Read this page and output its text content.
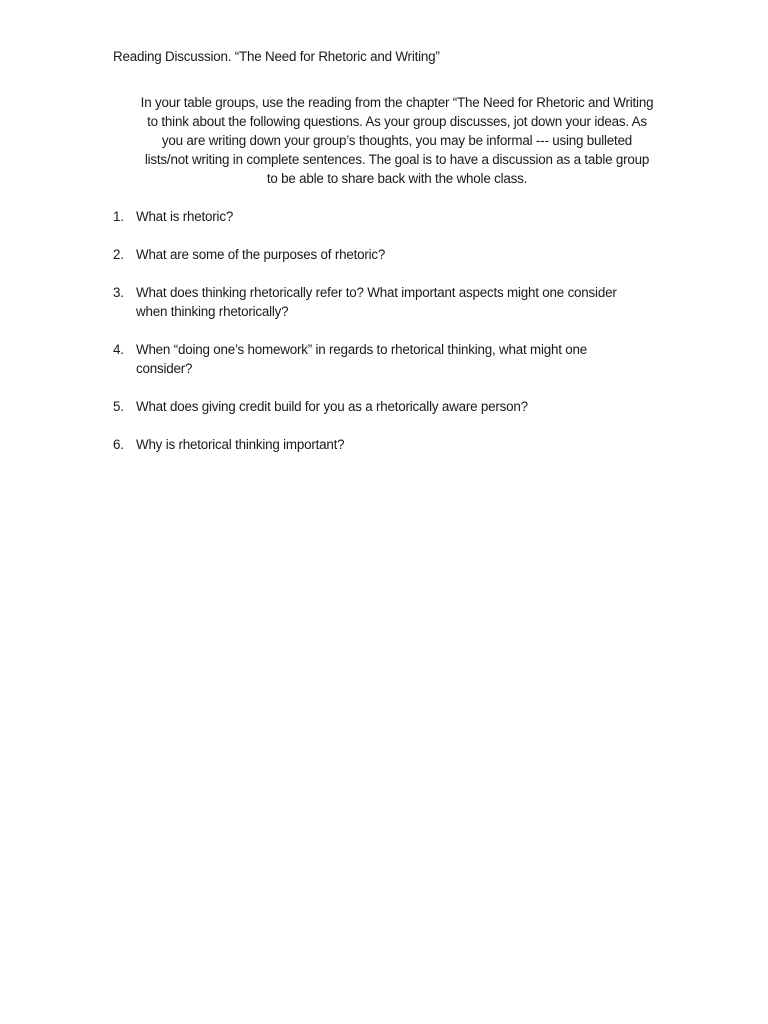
Reading Discussion. “The Need for Rhetoric and Writing”
In your table groups, use the reading from the chapter “The Need for Rhetoric and Writing
to think about the following questions. As your group discusses, jot down your ideas. As
you are writing down your group’s thoughts, you may be informal --- using bulleted
lists/not writing in complete sentences. The goal is to have a discussion as a table group
to be able to share back with the whole class.
1. What is rhetoric?
2. What are some of the purposes of rhetoric?
3. What does thinking rhetorically refer to? What important aspects might one consider
when thinking rhetorically?
4. When “doing one’s homework” in regards to rhetorical thinking, what might one
consider?
5. What does giving credit build for you as a rhetorically aware person?
6. Why is rhetorical thinking important?
